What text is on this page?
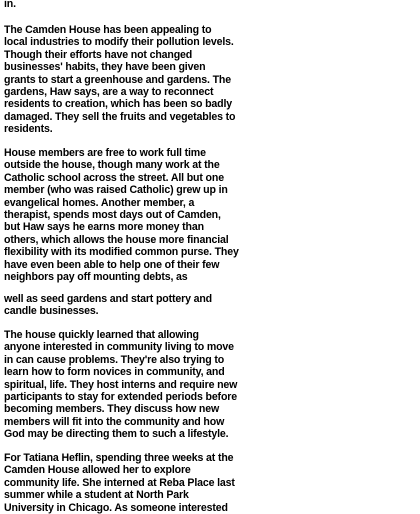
in.
The Camden House has been appealing to
local industries to modify their pollution levels.
Though their efforts have not changed
businesses' habits, they have been given
grants to start a greenhouse and gardens. The
gardens, Haw says, are a way to reconnect
residents to creation, which has been so badly
damaged. They sell the fruits and vegetables to
residents.
House members are free to work full time
outside the house, though many work at the
Catholic school across the street. All but one
member (who was raised Catholic) grew up in
evangelical homes. Another member, a
therapist, spends most days out of Camden,
but Haw says he earns more money than
others, which allows the house more financial
flexibility with its modified common purse. They
have even been able to help one of their few
neighbors pay off mounting debts, as
well as seed gardens and start pottery and
candle businesses.
The house quickly learned that allowing
anyone interested in community living to move
in can cause problems. They're also trying to
learn how to form novices in community, and
spiritual, life. They host interns and require new
participants to stay for extended periods before
becoming members. They discuss how new
members will fit into the community and how
God may be directing them to such a lifestyle.
For Tatiana Heflin, spending three weeks at the
Camden House allowed her to explore
community life. She interned at Reba Place last
summer while a student at North Park
University in Chicago. As someone interested
